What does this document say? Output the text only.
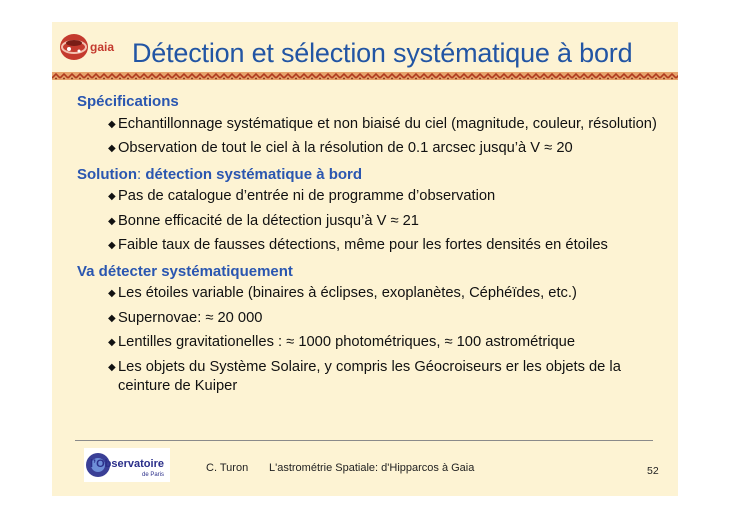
gaia Détection et sélection systématique à bord
Spécifications
◆ Echantillonnage systématique et non biaisé du ciel (magnitude, couleur, résolution)
◆ Observation de tout le ciel à la résolution de 0.1 arcsec jusqu’à V ≈ 20
Solution: détection systématique à bord
◆ Pas de catalogue d’entrée ni de programme d’observation
◆ Bonne efficacité de la détection jusqu’à V ≈ 21
◆ Faible taux de fausses détections, même pour les fortes densités en étoiles
Va détecter systématiquement
◆ Les étoiles variable (binaires à éclipses, exoplanètes, Céphéïdes, etc.)
◆ Supernovae: ≈ 20 000
◆ Lentilles gravitationelles : ≈ 1000 photométriques, ≈ 100 astrométrique
◆ Les objets du Système Solaire, y compris les Géocroiseurs er les objets de la ceinture de Kuiper
l’Observatoire
de Paris
C. Turon L'astrométrie Spatiale: d'Hipparcos à Gaia	52
